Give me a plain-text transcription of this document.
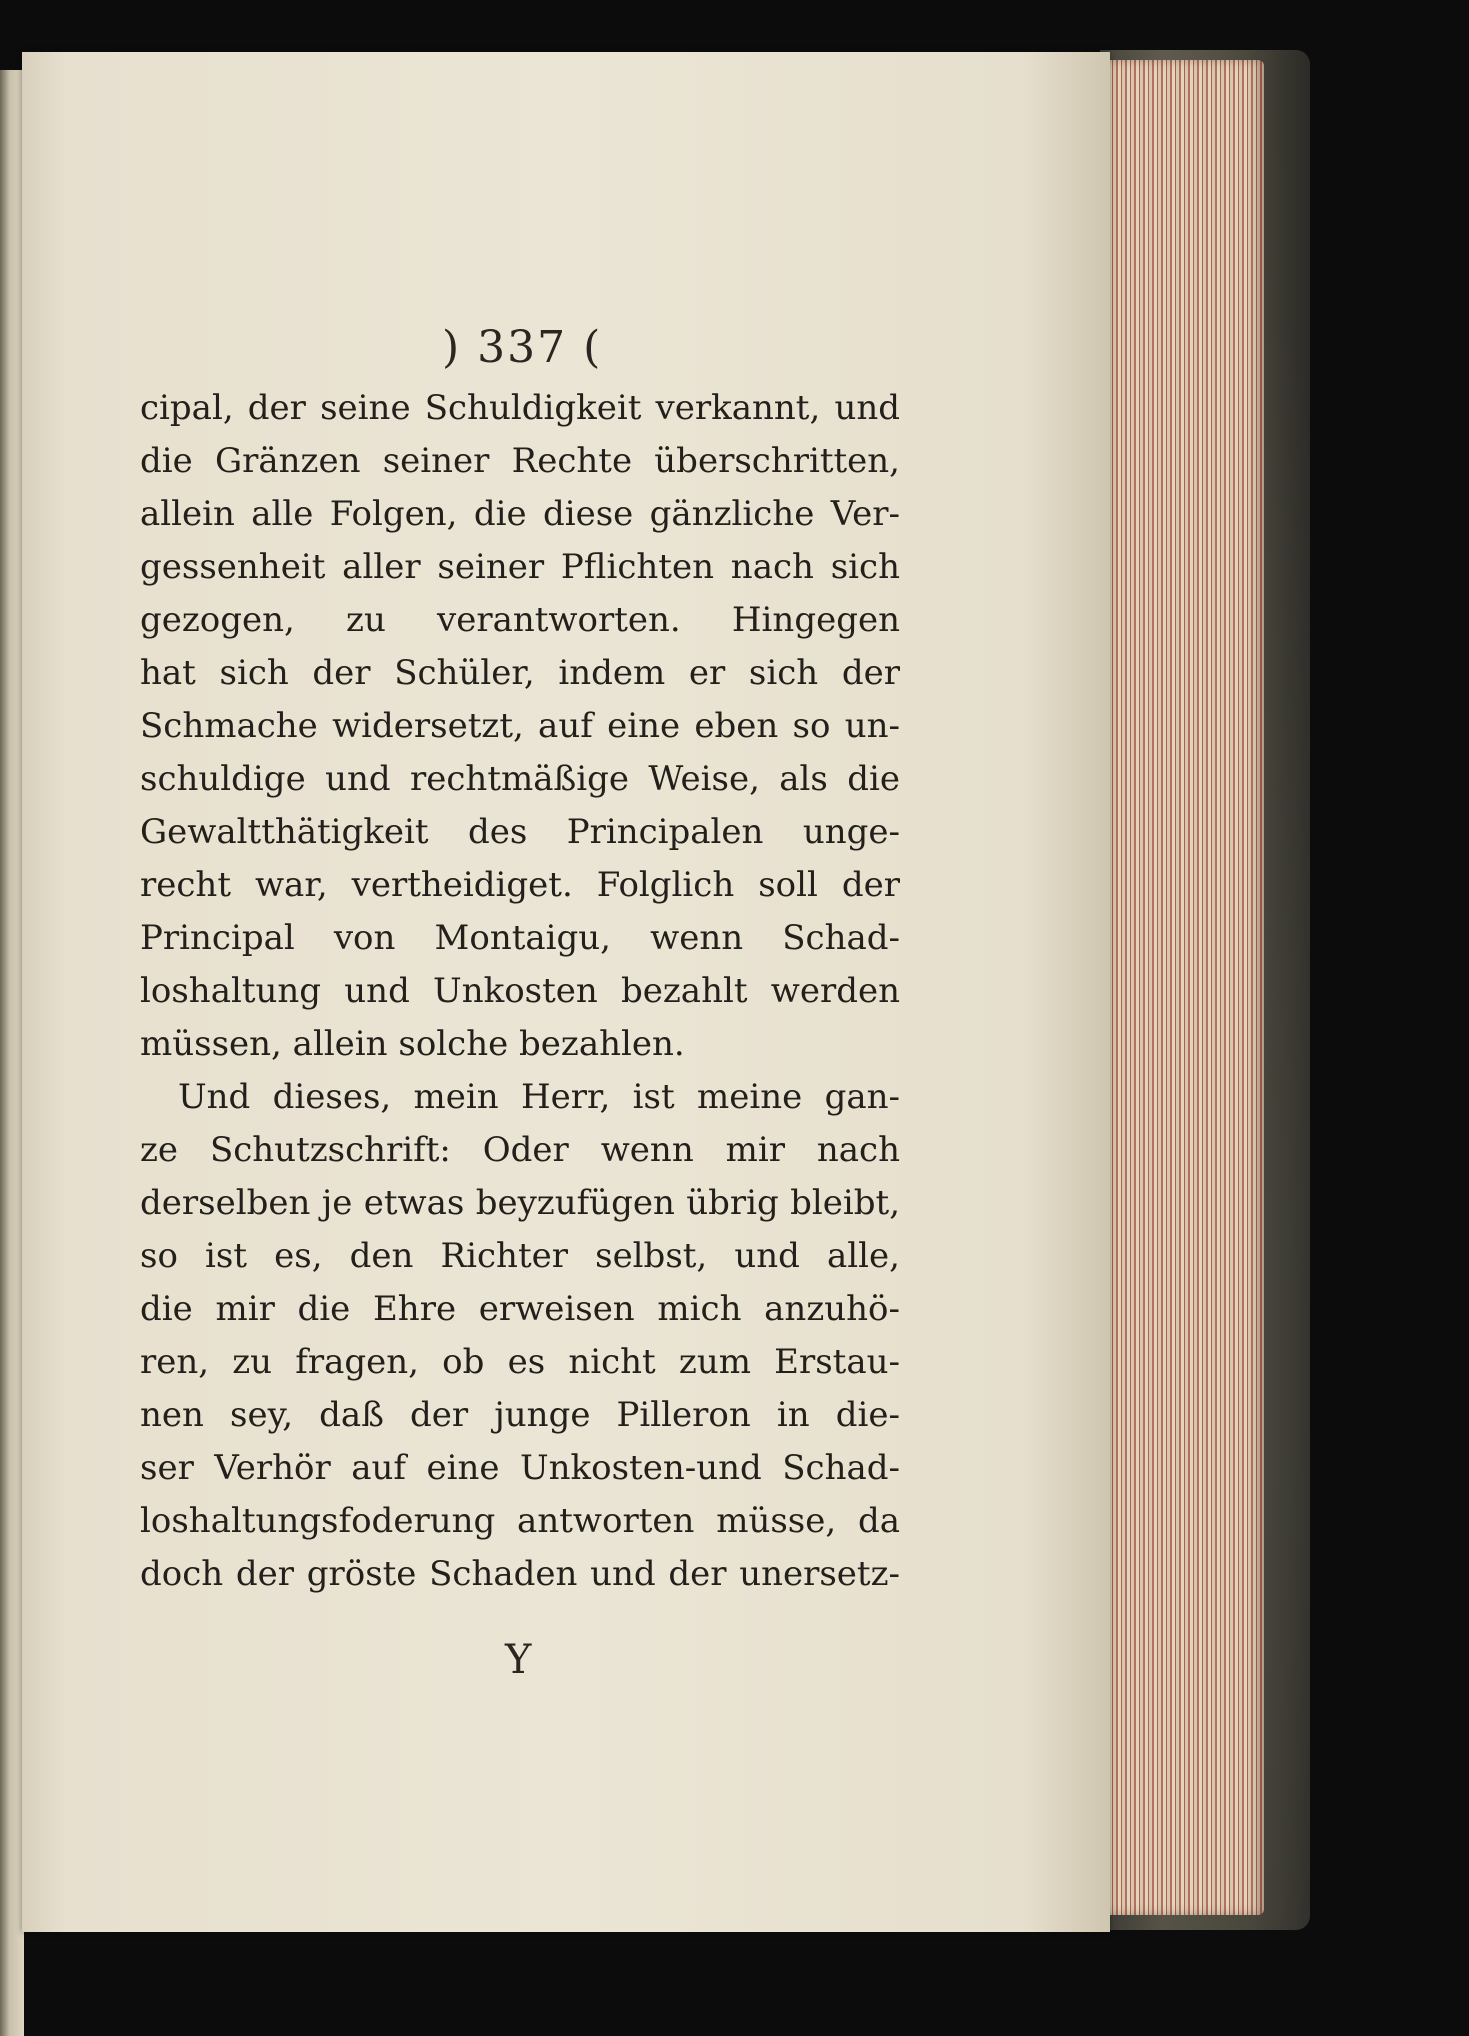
) 337 (
cipal, der seine Schuldigkeit verkannt, und
die Gränzen seiner Rechte überschritten,
allein alle Folgen, die diese gänzliche Ver-
gessenheit aller seiner Pflichten nach sich
gezogen, zu verantworten. Hingegen
hat sich der Schüler, indem er sich der
Schmache widersetzt, auf eine eben so un-
schuldige und rechtmäßige Weise, als die
Gewaltthätigkeit des Principalen unge-
recht war, vertheidiget. Folglich soll der
Principal von Montaigu, wenn Schad-
loshaltung und Unkosten bezahlt werden
müssen, allein solche bezahlen.
Und dieses, mein Herr, ist meine gan-
ze Schutzschrift: Oder wenn mir nach
derselben je etwas beyzufügen übrig bleibt,
so ist es, den Richter selbst, und alle,
die mir die Ehre erweisen mich anzuhö-
ren, zu fragen, ob es nicht zum Erstau-
nen sey, daß der junge Pilleron in die-
ser Verhör auf eine Unkosten-und Schad-
loshaltungsfoderung antworten müsse, da
doch der gröste Schaden und der unersetz-
Y
